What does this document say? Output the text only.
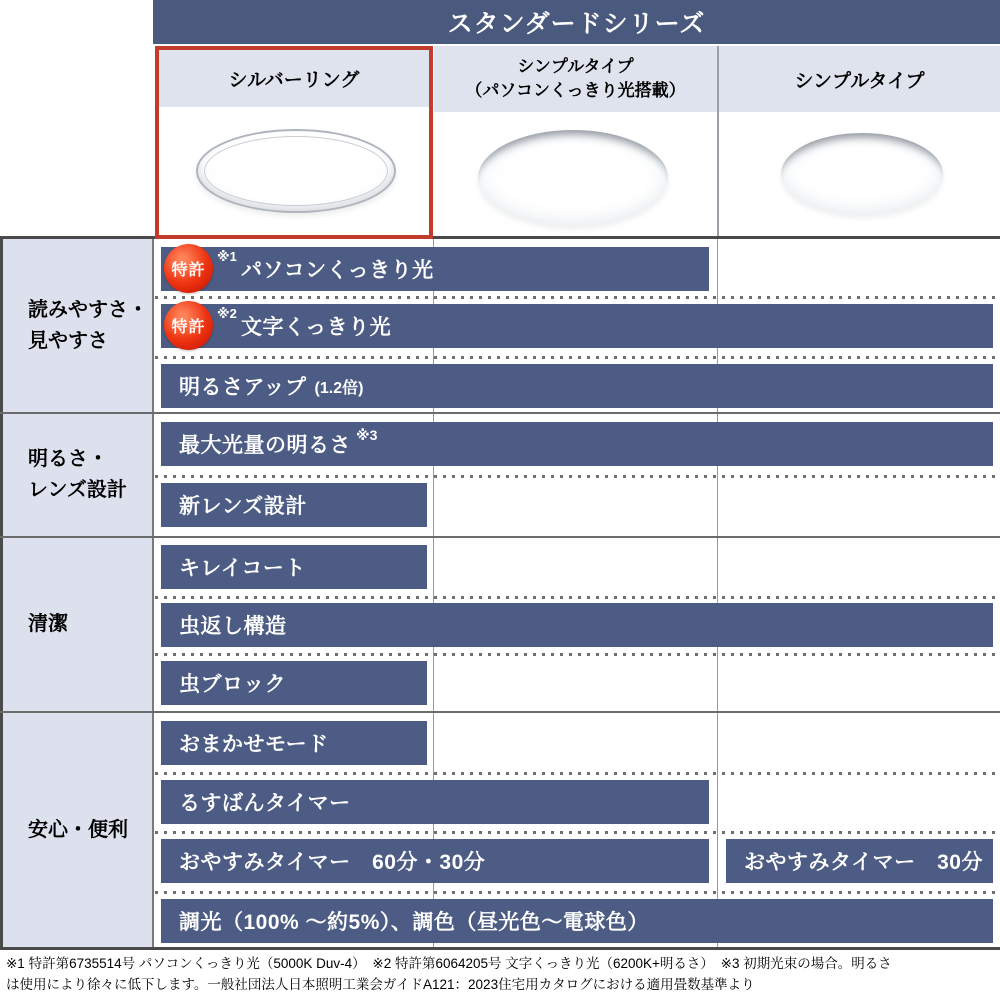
スタンダードシリーズ
シルバーリング
シンプルタイプ
（パソコンくっきり光搭載）	シンプルタイプ
読みやすさ・
見やすさ
明るさ・
レンズ設計
清潔
安心・便利
特許
※1
パソコンくっきり光
特許
※2
文字くっきり光
明るさアップ (1.2倍)
最大光量の明るさ ※3
新レンズ設計
キレイコート
虫返し構造
虫ブロック
おまかせモード
るすばんタイマー
おやすみタイマー　60分・30分	おやすみタイマー　30分
調光（100% ～約5%）、調色（昼光色～電球色）
※1 特許第6735514号 パソコンくっきり光（5000K Duv-4）　※2 特許第6064205号 文字くっきり光（6200K+明るさ）　※3 初期光束の場合。明るさ
は使用により徐々に低下します。一般社団法人日本照明工業会ガイドA121：2023住宅用カタログにおける適用畳数基準より
